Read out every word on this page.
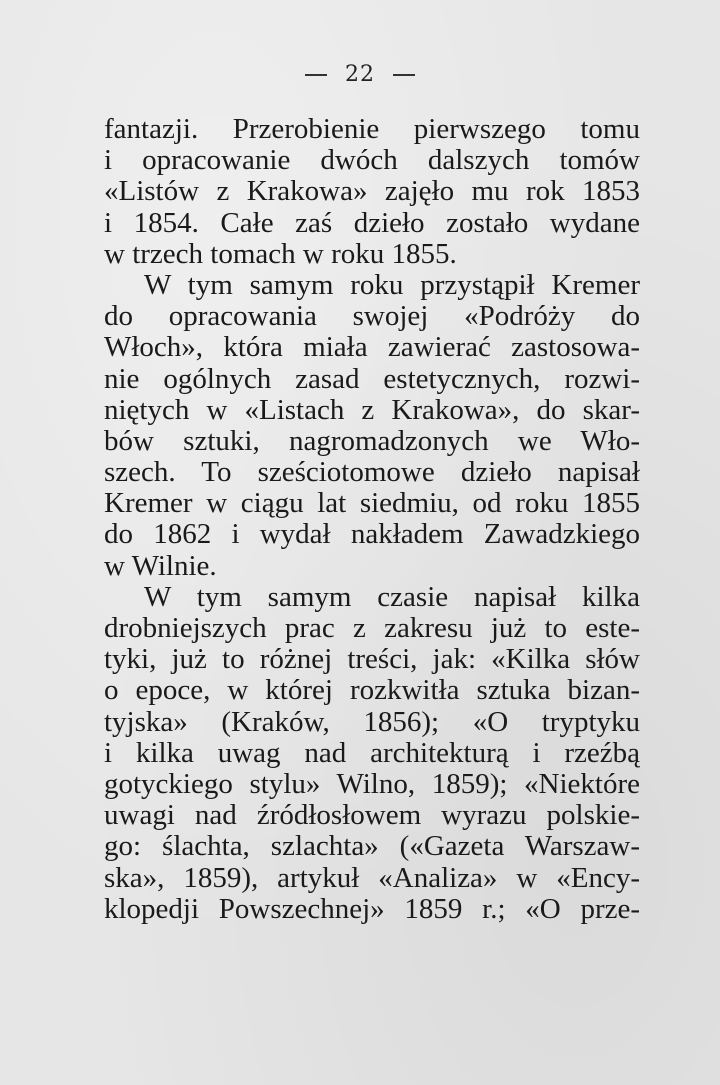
22
fantazji. Przerobienie pierwszego tomu
i opracowanie dwóch dalszych tomów
«Listów z Krakowa» zajęło mu rok 1853
i 1854. Całe zaś dzieło zostało wydane
w trzech tomach w roku 1855.
W tym samym roku przystąpił Kremer
do opracowania swojej «Podróży do
Włoch», która miała zawierać zastosowa-
nie ogólnych zasad estetycznych, rozwi-
niętych w «Listach z Krakowa», do skar-
bów sztuki, nagromadzonych we Wło-
szech. To sześciotomowe dzieło napisał
Kremer w ciągu lat siedmiu, od roku 1855
do 1862 i wydał nakładem Zawadzkiego
w Wilnie.
W tym samym czasie napisał kilka
drobniejszych prac z zakresu już to este-
tyki, już to różnej treści, jak: «Kilka słów
o epoce, w której rozkwitła sztuka bizan-
tyjska» (Kraków, 1856); «O tryptyku
i kilka uwag nad architekturą i rzeźbą
gotyckiego stylu» Wilno, 1859); «Niektóre
uwagi nad źródłosłowem wyrazu polskie-
go: ślachta, szlachta» («Gazeta Warszaw-
ska», 1859), artykuł «Analiza» w «Ency-
klopedji Powszechnej» 1859 r.; «O prze-
